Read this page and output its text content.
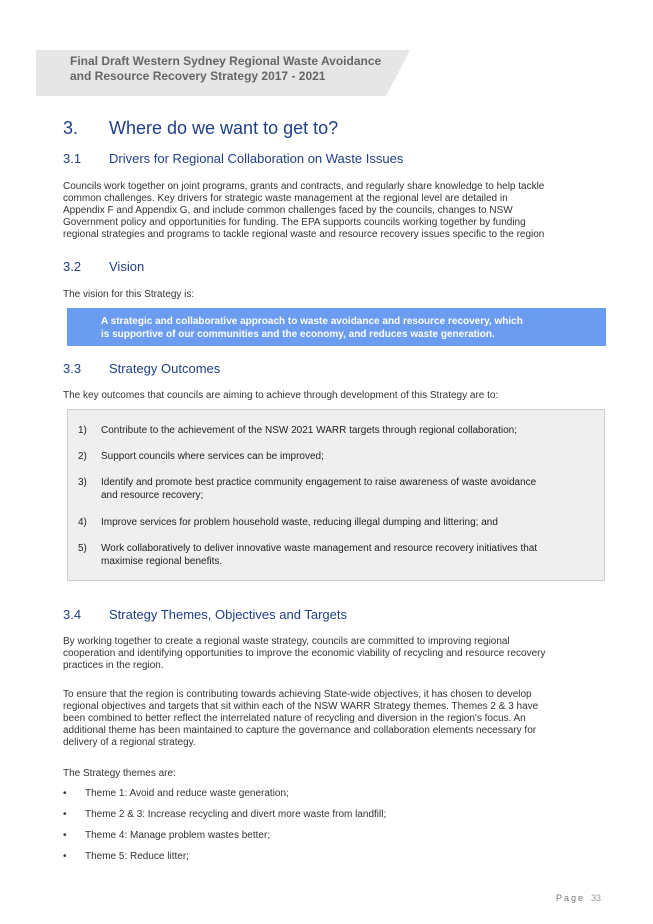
Final Draft Western Sydney Regional Waste Avoidance
and Resource Recovery Strategy 2017 - 2021
3. Where do we want to get to?
3.1 Drivers for Regional Collaboration on Waste Issues
Councils work together on joint programs, grants and contracts, and regularly share knowledge to help tackle
common challenges. Key drivers for strategic waste management at the regional level are detailed in
Appendix F and Appendix G, and include common challenges faced by the councils, changes to NSW
Government policy and opportunities for funding. The EPA supports councils working together by funding
regional strategies and programs to tackle regional waste and resource recovery issues specific to the region
3.2 Vision
The vision for this Strategy is:
A strategic and collaborative approach to waste avoidance and resource recovery, which
is supportive of our communities and the economy, and reduces waste generation.
3.3 Strategy Outcomes
The key outcomes that councils are aiming to achieve through development of this Strategy are to:
1) Contribute to the achievement of the NSW 2021 WARR targets through regional collaboration;
2) Support councils where services can be improved;
3) Identify and promote best practice community engagement to raise awareness of waste avoidance
and resource recovery;
4) Improve services for problem household waste, reducing illegal dumping and littering; and
5) Work collaboratively to deliver innovative waste management and resource recovery initiatives that
maximise regional benefits.
3.4 Strategy Themes, Objectives and Targets
By working together to create a regional waste strategy, councils are committed to improving regional
cooperation and identifying opportunities to improve the economic viability of recycling and resource recovery
practices in the region.
To ensure that the region is contributing towards achieving State-wide objectives, it has chosen to develop
regional objectives and targets that sit within each of the NSW WARR Strategy themes. Themes 2 & 3 have
been combined to better reflect the interrelated nature of recycling and diversion in the region's focus. An
additional theme has been maintained to capture the governance and collaboration elements necessary for
delivery of a regional strategy.
The Strategy themes are:
• Theme 1: Avoid and reduce waste generation;
• Theme 2 & 3: Increase recycling and divert more waste from landfill;
• Theme 4: Manage problem wastes better;
• Theme 5: Reduce litter;
Page 33
